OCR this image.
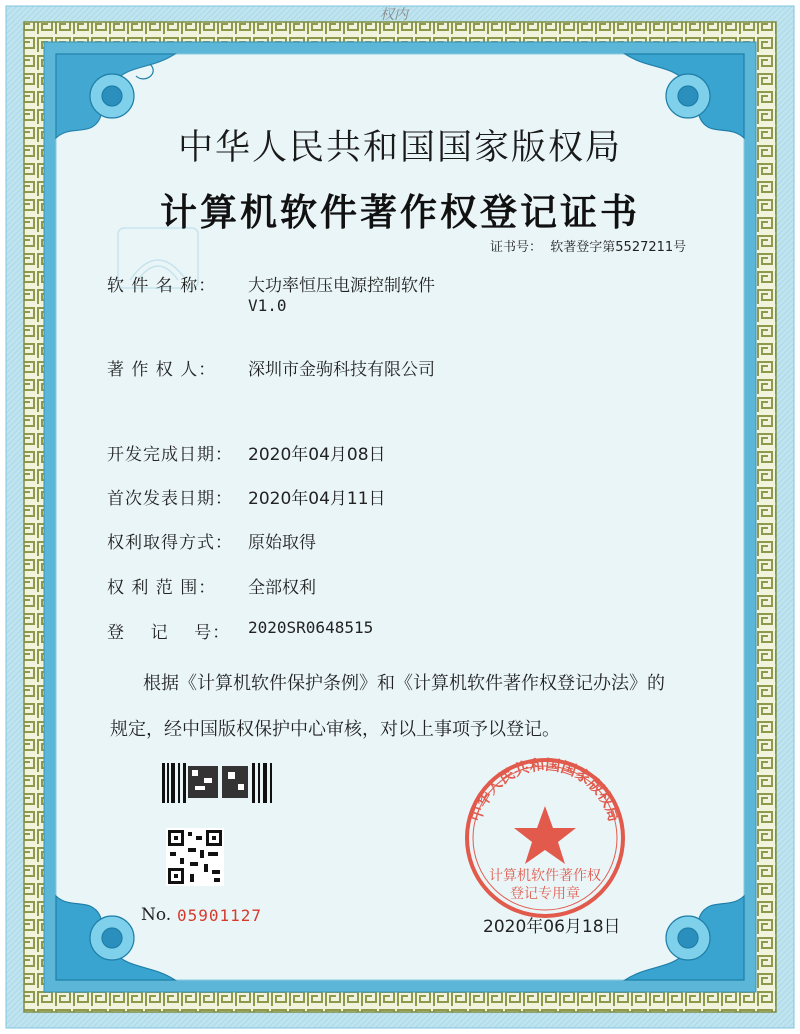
中华人民共和国国家版权局
计算机软件著作权
登记专用章
权内
中华人民共和国国家版权局
计算机软件著作权登记证书
证书号： 软著登字第5527211号
软 件 名 称： 大功率恒压电源控制软件
V1.0
著 作 权 人： 深圳市金驹科技有限公司
开发完成日期： 2020年04月08日
首次发表日期： 2020年04月11日
权利取得方式： 原始取得
权 利 范 围： 全部权利
登    记    号： 2020SR0648515
根据《计算机软件保护条例》和《计算机软件著作权登记办法》的
规定，经中国版权保护中心审核，对以上事项予以登记。
No. 05901127
2020年06月18日
